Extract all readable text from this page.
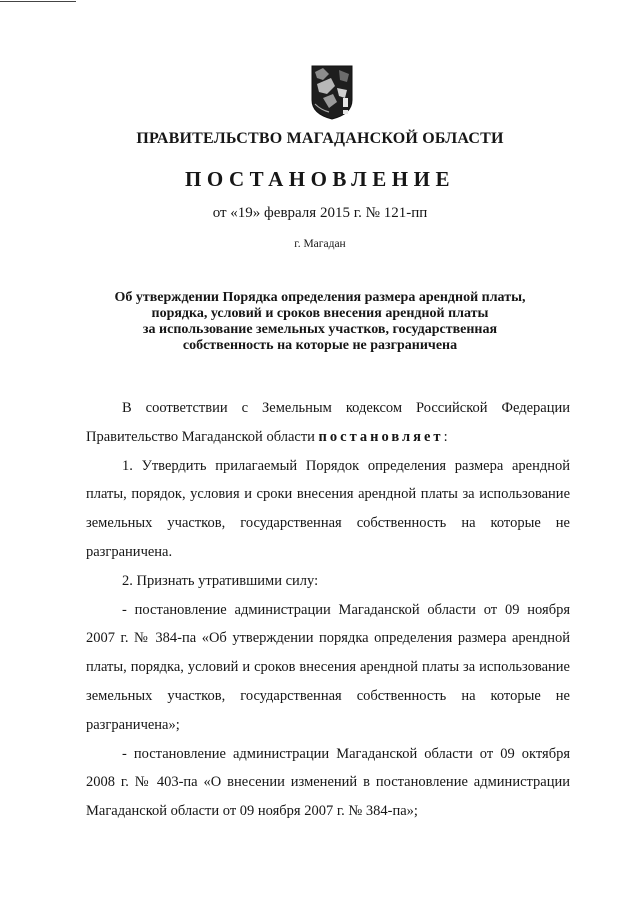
ПРАВИТЕЛЬСТВО МАГАДАНСКОЙ ОБЛАСТИ
ПОСТАНОВЛЕНИЕ
от «19» февраля 2015 г. № 121-пп
г. Магадан
Об утверждении Порядка определения размера арендной платы,
порядка, условий и сроков внесения арендной платы
за использование земельных участков, государственная
собственность на которые не разграничена

В соответствии с Земельным кодексом Российской Федерации Правительство Магаданской области постановляет:

1. Утвердить прилагаемый Порядок определения размера арендной платы, порядок, условия и сроки внесения арендной платы за использование земельных участков, государственная собственность на которые не разграничена.

2. Признать утратившими силу:

- постановление администрации Магаданской области от 09 ноября 2007 г. № 384-па «Об утверждении порядка определения размера арендной платы, порядка, условий и сроков внесения арендной платы за использование земельных участков, государственная собственность на которые не разграничена»;

- постановление администрации Магаданской области от 09 октября 2008 г. № 403-па «О внесении изменений в постановление администрации Магаданской области от 09 ноября 2007 г. № 384-па»;
